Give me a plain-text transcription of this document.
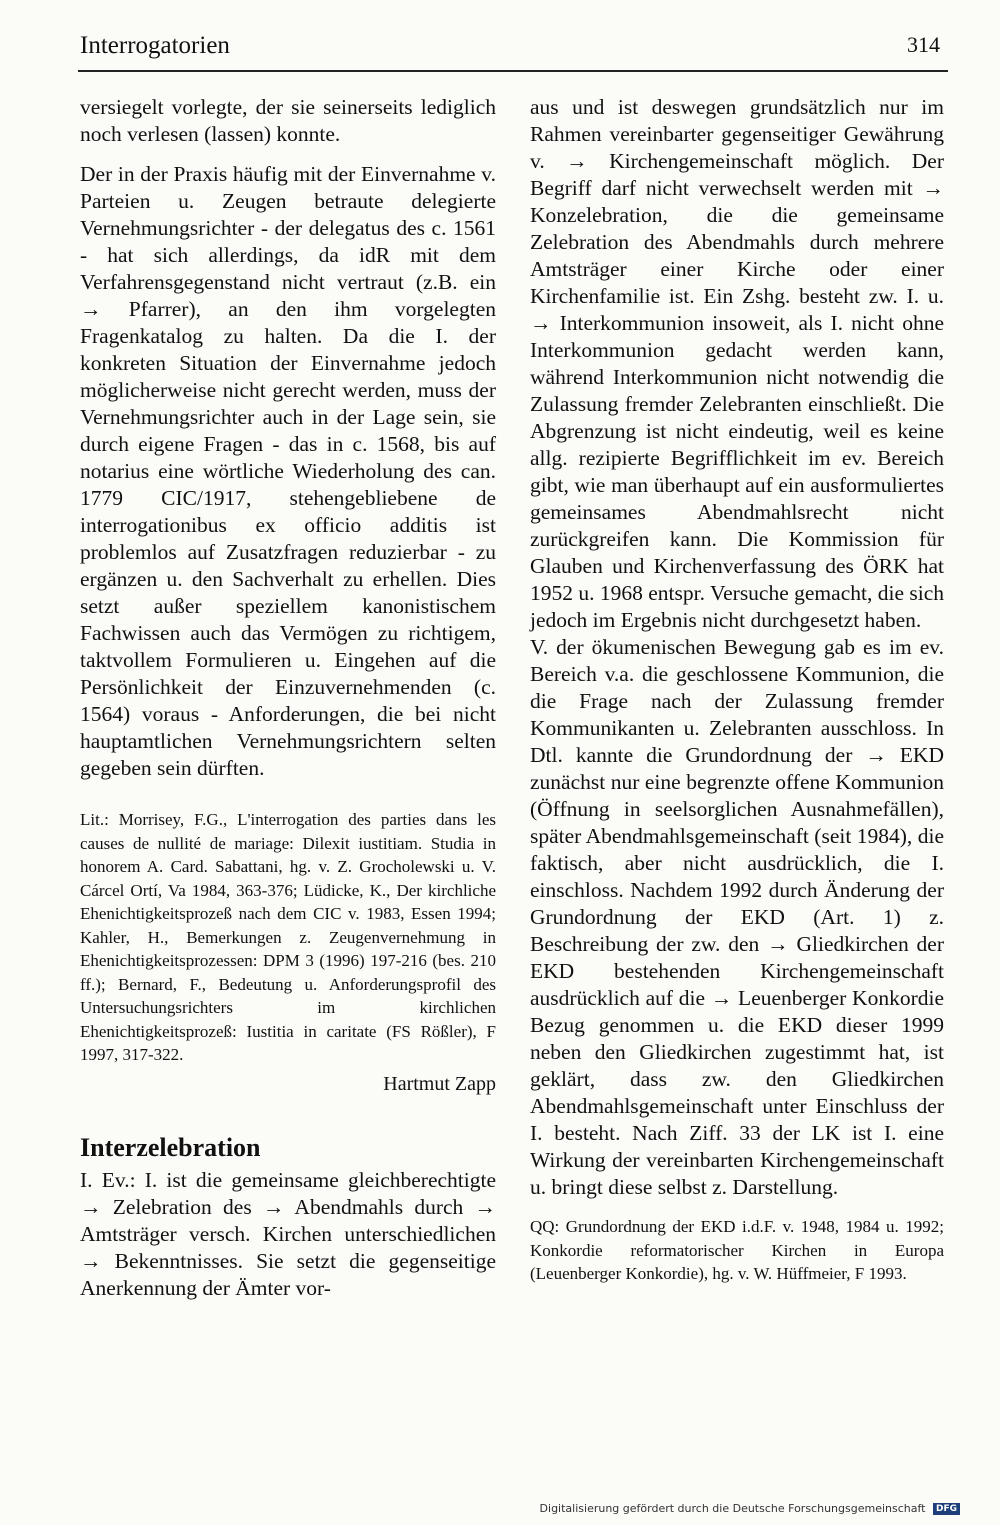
Interrogatorien	314

versiegelt vorlegte, der sie seinerseits lediglich noch verlesen (lassen) konnte.

Der in der Praxis häufig mit der Einvernahme v. Parteien u. Zeugen betraute delegierte Vernehmungsrichter - der delegatus des c. 1561 - hat sich allerdings, da idR mit dem Verfahrensgegenstand nicht vertraut (z.B. ein → Pfarrer), an den ihm vorgelegten Fragenkatalog zu halten. Da die I. der konkreten Situation der Einvernahme jedoch möglicherweise nicht gerecht werden, muss der Vernehmungsrichter auch in der Lage sein, sie durch eigene Fragen - das in c. 1568, bis auf notarius eine wörtliche Wiederholung des can. 1779 CIC/1917, stehengebliebene de interrogationibus ex officio additis ist problemlos auf Zusatzfragen reduzierbar - zu ergänzen u. den Sachverhalt zu erhellen. Dies setzt außer speziellem kanonistischem Fachwissen auch das Vermögen zu richtigem, taktvollem Formulieren u. Eingehen auf die Persönlichkeit der Einzuvernehmenden (c. 1564) voraus - Anforderungen, die bei nicht hauptamtlichen Vernehmungsrichtern selten gegeben sein dürften.

Lit.: Morrisey, F.G., L'interrogation des parties dans les causes de nullité de mariage: Dilexit iustitiam. Studia in honorem A. Card. Sabattani, hg. v. Z. Grocholewski u. V. Cárcel Ortí, Va 1984, 363-376; Lüdicke, K., Der kirchliche Ehenichtigkeitsprozeß nach dem CIC v. 1983, Essen 1994; Kahler, H., Bemerkungen z. Zeugenvernehmung in Ehenichtigkeitsprozessen: DPM 3 (1996) 197-216 (bes. 210 ff.); Bernard, F., Bedeutung u. Anforderungsprofil des Untersuchungsrichters im kirchlichen Ehenichtigkeitsprozeß: Iustitia in caritate (FS Rößler), F 1997, 317-322.
Hartmut Zapp
Interzelebration

I. Ev.: I. ist die gemeinsame gleichberechtigte → Zelebration des → Abendmahls durch → Amtsträger versch. Kirchen unterschiedlichen → Bekenntnisses. Sie setzt die gegenseitige Anerkennung der Ämter vor-

aus und ist deswegen grundsätzlich nur im Rahmen vereinbarter gegenseitiger Gewährung v. → Kirchengemeinschaft möglich. Der Begriff darf nicht verwechselt werden mit → Konzelebration, die die gemeinsame Zelebration des Abendmahls durch mehrere Amtsträger einer Kirche oder einer Kirchenfamilie ist. Ein Zshg. besteht zw. I. u. → Interkommunion insoweit, als I. nicht ohne Interkommunion gedacht werden kann, während Interkommunion nicht notwendig die Zulassung fremder Zelebranten einschließt. Die Abgrenzung ist nicht eindeutig, weil es keine allg. rezipierte Begrifflichkeit im ev. Bereich gibt, wie man überhaupt auf ein ausformuliertes gemeinsames Abendmahlsrecht nicht zurückgreifen kann. Die Kommission für Glauben und Kirchenverfassung des ÖRK hat 1952 u. 1968 entspr. Versuche gemacht, die sich jedoch im Ergebnis nicht durchgesetzt haben.

V. der ökumenischen Bewegung gab es im ev. Bereich v.a. die geschlossene Kommunion, die die Frage nach der Zulassung fremder Kommunikanten u. Zelebranten ausschloss. In Dtl. kannte die Grundordnung der → EKD zunächst nur eine begrenzte offene Kommunion (Öffnung in seelsorglichen Ausnahmefällen), später Abendmahlsgemeinschaft (seit 1984), die faktisch, aber nicht ausdrücklich, die I. einschloss. Nachdem 1992 durch Änderung der Grundordnung der EKD (Art. 1) z. Beschreibung der zw. den → Gliedkirchen der EKD bestehenden Kirchengemeinschaft ausdrücklich auf die → Leuenberger Konkordie Bezug genommen u. die EKD dieser 1999 neben den Gliedkirchen zugestimmt hat, ist geklärt, dass zw. den Gliedkirchen Abendmahlsgemeinschaft unter Einschluss der I. besteht. Nach Ziff. 33 der LK ist I. eine Wirkung der vereinbarten Kirchengemeinschaft u. bringt diese selbst z. Darstellung.

QQ: Grundordnung der EKD i.d.F. v. 1948, 1984 u. 1992; Konkordie reformatorischer Kirchen in Europa (Leuenberger Konkordie), hg. v. W. Hüffmeier, F 1993.
Digitalisierung gefördert durch die Deutsche Forschungsgemeinschaft DFG
